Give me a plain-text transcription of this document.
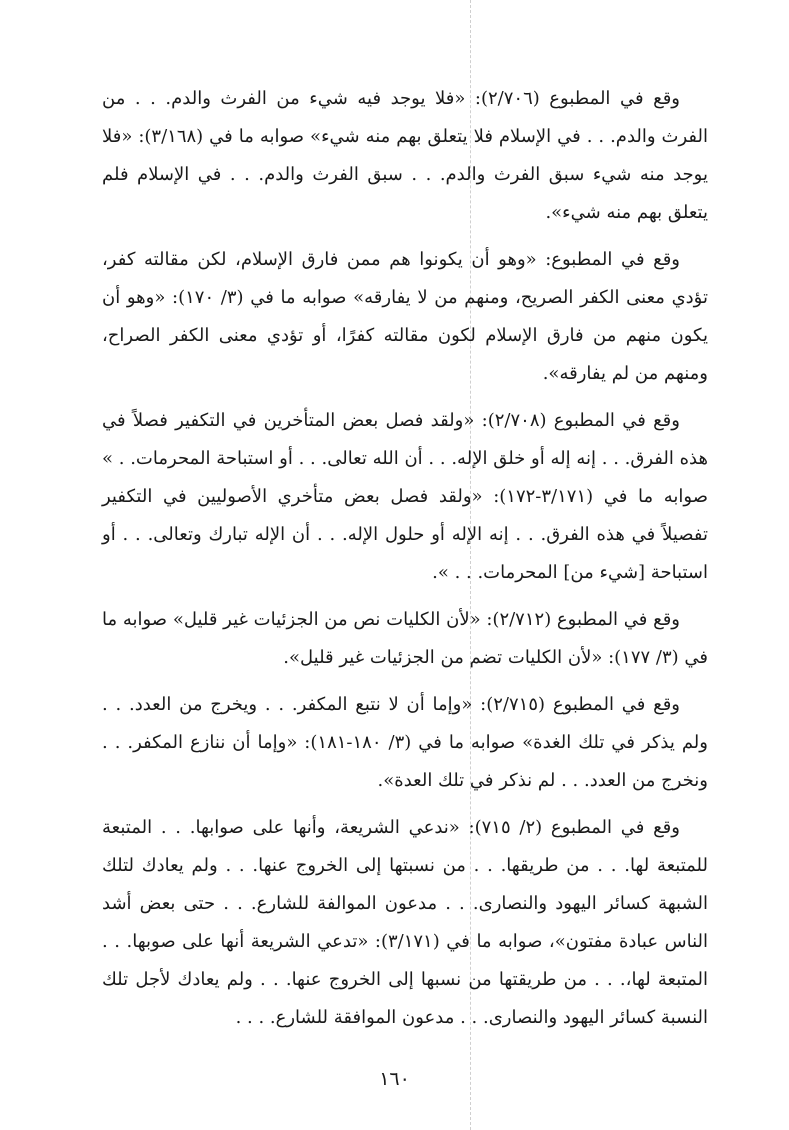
وقع في المطبوع (٢/٧٠٦): «فلا يوجد فيه شيء من الفرث والدم. . . من الفرث والدم. . . في الإسلام فلا يتعلق بهم منه شيء» صوابه ما في (٣/١٦٨): «فلا يوجد منه شيء سبق الفرث والدم. . . سبق الفرث والدم. . . في الإسلام فلم يتعلق بهم منه شيء».

وقع في المطبوع: «وهو أن يكونوا هم ممن فارق الإسلام، لكن مقالته كفر، تؤدي معنى الكفر الصريح، ومنهم من لا يفارقه» صوابه ما في (٣/ ١٧٠): «وهو أن يكون منهم من فارق الإسلام لكون مقالته كفرًا، أو تؤدي معنى الكفر الصراح، ومنهم من لم يفارقه».

وقع في المطبوع (٢/٧٠٨): «ولقد فصل بعض المتأخرين في التكفير فصلاً في هذه الفرق. . . إنه إله أو خلق الإله. . . أن الله تعالى. . . أو استباحة المحرمات. . » صوابه ما في (٣/١٧١-١٧٢): «ولقد فصل بعض متأخري الأصوليين في التكفير تفصيلاً في هذه الفرق. . . إنه الإله أو حلول الإله. . . أن الإله تبارك وتعالى. . . أو استباحة [شيء من] المحرمات. . . ».

وقع في المطبوع (٢/٧١٢): «لأن الكليات نص من الجزئيات غير قليل» صوابه ما في (٣/ ١٧٧): «لأن الكليات تضم من الجزئيات غير قليل».

وقع في المطبوع (٢/٧١٥): «وإما أن لا نتبع المكفر. . . ويخرج من العدد. . . ولم يذكر في تلك الغدة» صوابه ما في (٣/ ١٨٠-١٨١): «وإما أن ننازع المكفر. . . ونخرج من العدد. . . لم نذكر في تلك العدة».

وقع في المطبوع (٢/ ٧١٥): «ندعي الشريعة، وأنها على صوابها. . . المتبعة للمتبعة لها. . . من طريقها. . . من نسبتها إلى الخروج عنها. . . ولم يعادك لتلك الشبهة كسائر اليهود والنصارى. . . مدعون الموالفة للشارع. . . حتى بعض أشد الناس عبادة مفتون»، صوابه ما في (٣/١٧١): «تدعي الشريعة أنها على صوبها. . . المتبعة لها،. . . من طريقتها من نسبها إلى الخروج عنها. . . ولم يعادك لأجل تلك النسبة كسائر اليهود والنصارى. . . مدعون الموافقة للشارع. . . .

١٦٠
